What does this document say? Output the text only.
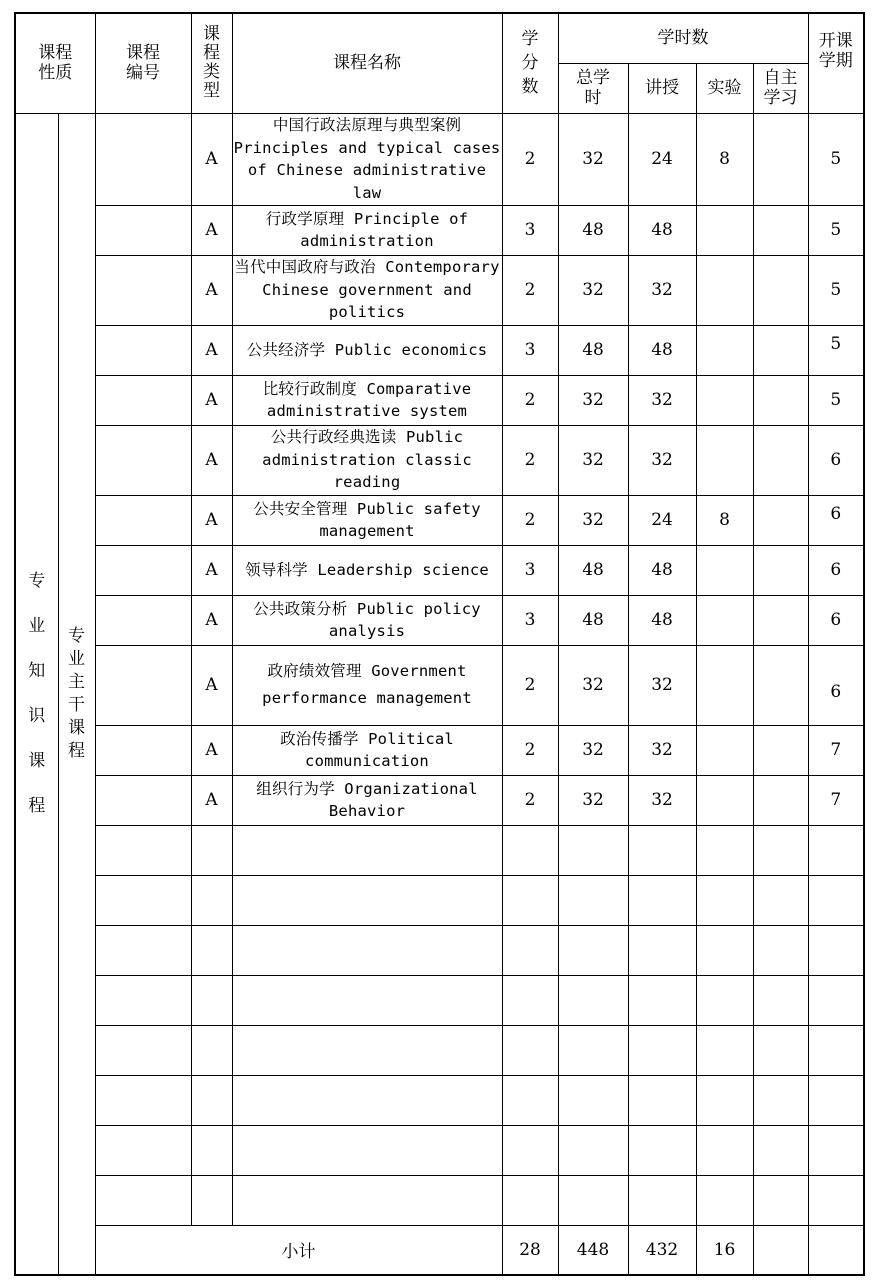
课程性质		课程编号	课程类型	课程名称	学分数	学时数				开课学期

						总学时	讲授	实验	自主学习	

专业知识课程	专业主干课程		A	中国行政法原理与典型案例 Principles and typical cases of Chinese administrative law	2	32	24	8		5
			A	行政学原理 Principle of administration	3	48	48			5
			A	当代中国政府与政治 Contemporary Chinese government and politics	2	32	32			5
			A	公共经济学 Public economics	3	48	48			5
			A	比较行政制度 Comparative administrative system	2	32	32			5
			A	公共行政经典选读 Public administration classic reading	2	32	32			6
			A	公共安全管理 Public safety management	2	32	24	8		6
			A	领导科学 Leadership science	3	48	48			6
			A	公共政策分析 Public policy analysis	3	48	48			6
			A	政府绩效管理 Government performance management	2	32	32			6
			A	政治传播学 Political communication	2	32	32			7
			A	组织行为学 Organizational Behavior	2	32	32			7

		小计			28	448	432	16		
